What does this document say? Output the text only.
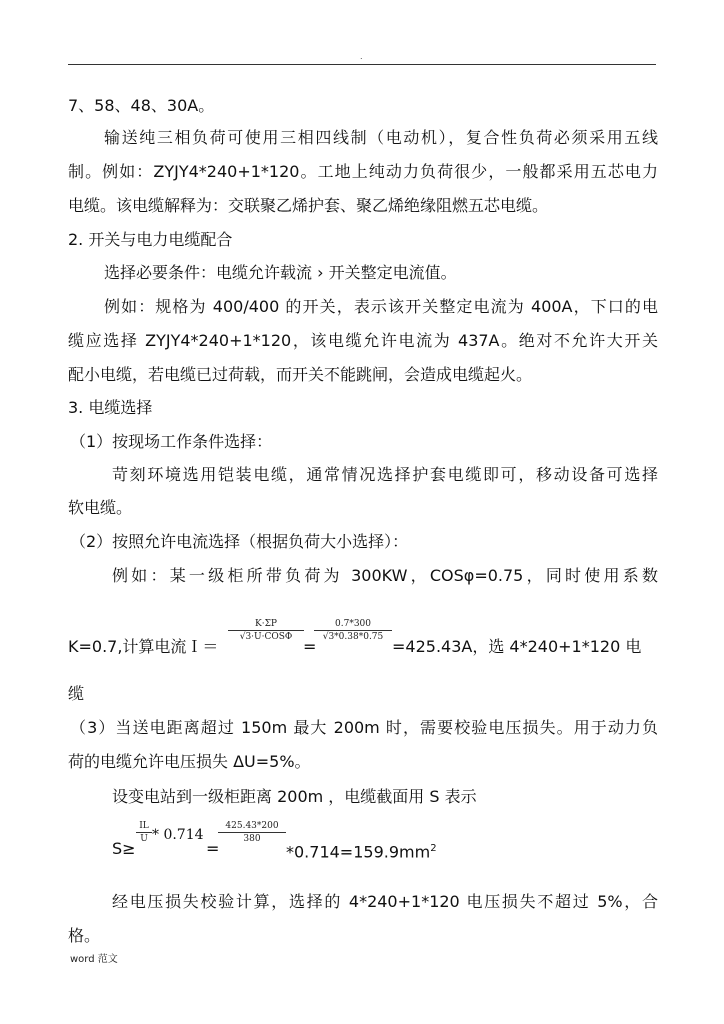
.
7、58、48、30A。
输送纯三相负荷可使用三相四线制（电动机），复合性负荷必须采用五线
制。例如：ZYJY4*240+1*120。工地上纯动力负荷很少，一般都采用五芯电力
电缆。该电缆解释为：交联聚乙烯护套、聚乙烯绝缘阻燃五芯电缆。
2. 开关与电力电缆配合
选择必要条件：电缆允许载流 › 开关整定电流值。
例如：规格为 400/400 的开关，表示该开关整定电流为 400A，下口的电
缆应选择 ZYJY4*240+1*120，该电缆允许电流为 437A。绝对不允许大开关
配小电缆，若电缆已过荷载，而开关不能跳闸，会造成电缆起火。
3. 电缆选择
（1）按现场工作条件选择：
苛刻环境选用铠装电缆，通常情况选择护套电缆即可，移动设备可选择
软电缆。
（2）按照允许电流选择（根据负荷大小选择）：
例如：某一级柜所带负荷为 300KW，COSφ=0.75，同时使用系数
K=0.7,计算电流Ｉ＝
K·ΣP
√3·U·COSΦ =
0.7*300
√3*0.38*0.75 =425.43A，选 4*240+1*120 电
缆
（3）当送电距离超过 150m 最大 200m 时，需要校验电压损失。用于动力负
荷的电缆允许电压损失 ΔU=5%。
设变电站到一级柜距离 200m ，电缆截面用 S 表示
S≥
IL
U * 0.714
=
425.43*200
380
$*0.714=159.9mm^2$
经电压损失校验计算，选择的 4*240+1*120 电压损失不超过 5%，合
格。
word 范文
